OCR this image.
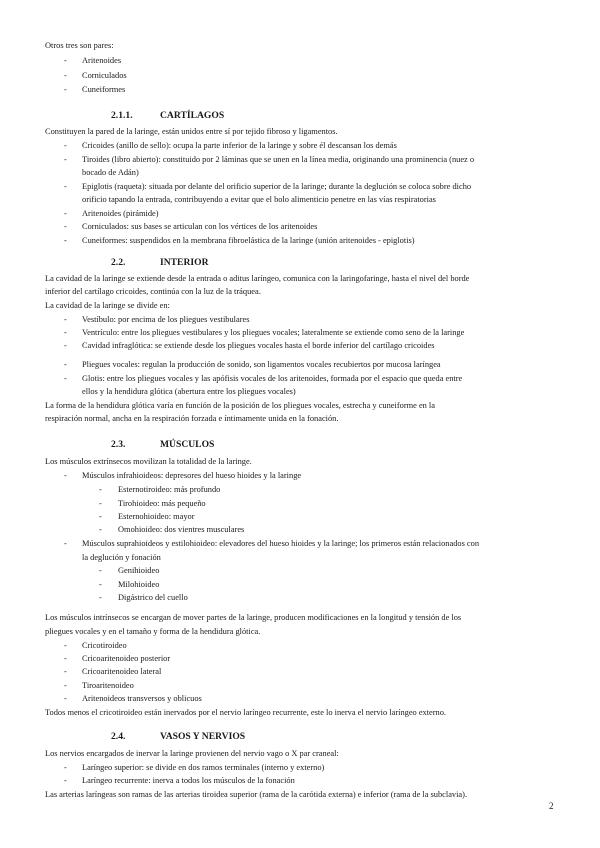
Otros tres son pares:
- Aritenoides
- Corniculados
- Cuneiformes
2.1.1.	CARTÍLAGOS
Constituyen la pared de la laringe, están unidos entre sí por tejido fibroso y ligamentos.
- Cricoides (anillo de sello): ocupa la parte inferior de la laringe y sobre él descansan los demás
- Tiroides (libro abierto): constituido por 2 láminas que se unen en la línea media, originando una prominencia (nuez o
bocado de Adán)
- Epiglotis (raqueta): situada por delante del orificio superior de la laringe; durante la deglución se coloca sobre dicho
orificio tapando la entrada, contribuyendo a evitar que el bolo alimenticio penetre en las vías respiratorias
- Aritenoides (pirámide)
- Corniculados: sus bases se articulan con los vértices de los aritenoides
- Cuneiformes: suspendidos en la membrana fibroelástica de la laringe (unión aritenoides - epiglotis)
2.2.	INTERIOR
La cavidad de la laringe se extiende desde la entrada o aditus laríngeo, comunica con la laringofaringe, hasta el nivel del borde
inferior del cartílago cricoides, continúa con la luz de la tráquea.
La cavidad de la laringe se divide en:
- Vestíbulo: por encima de los pliegues vestibulares
- Ventrículo: entre los pliegues vestibulares y los pliegues vocales; lateralmente se extiende como seno de la laringe
- Cavidad infraglótica: se extiende desde los pliegues vocales hasta el borde inferior del cartílago cricoides
- Pliegues vocales: regulan la producción de sonido, son ligamentos vocales recubiertos por mucosa laríngea
- Glotis: entre los pliegues vocales y las apófisis vocales de los aritenoides, formada por el espacio que queda entre
ellos y la hendidura glótica (abertura entre los pliegues vocales)
La forma de la hendidura glótica varía en función de la posición de los pliegues vocales, estrecha y cuneiforme en la
respiración normal, ancha en la respiración forzada e íntimamente unida en la fonación.
2.3.	MÚSCULOS
Los músculos extrínsecos movilizan la totalidad de la laringe.
- Músculos infrahioideos: depresores del hueso hioides y la laringe
- Esternotiroideo: más profundo
- Tirohioideo: más pequeño
- Esternohioideo: mayor
- Omohioideo: dos vientres musculares
- Músculos suprahioideos y estilohioideo: elevadores del hueso hioides y la laringe; los primeros están relacionados con
la deglución y fonación
- Genihioideo
- Milohioideo
- Digástrico del cuello
Los músculos intrínsecos se encargan de mover partes de la laringe, producen modificaciones en la longitud y tensión de los
pliegues vocales y en el tamaño y forma de la hendidura glótica.
- Cricotiroideo
- Cricoaritenoideo posterior
- Cricoaritenoideo lateral
- Tiroaritenoideo
- Aritenoideos transversos y oblicuos
Todos menos el cricotiroideo están inervados por el nervio laríngeo recurrente, este lo inerva el nervio laríngeo externo.
2.4.	VASOS Y NERVIOS
Los nervios encargados de inervar la laringe provienen del nervio vago o X par craneal:
- Laríngeo superior: se divide en dos ramos terminales (interno y externo)
- Laríngeo recurrente: inerva a todos los músculos de la fonación
Las arterias laríngeas son ramas de las arterias tiroidea superior (rama de la carótida externa) e inferior (rama de la subclavia).
2
